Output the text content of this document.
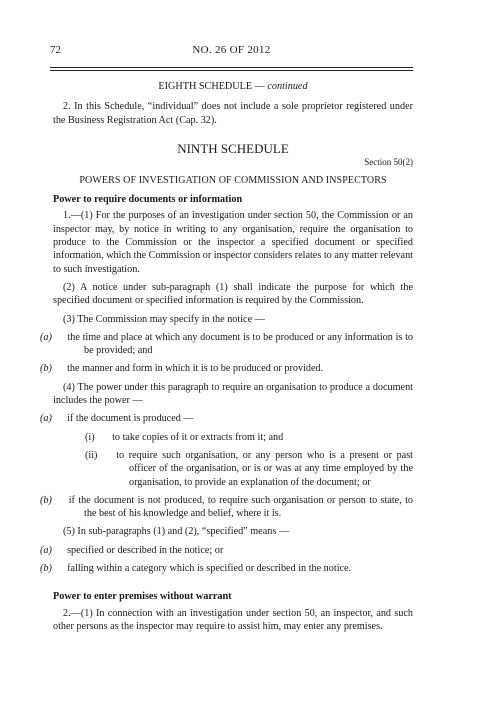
72	NO. 26 OF 2012

EIGHTH SCHEDULE — continued

2. In this Schedule, “individual” does not include a sole proprietor registered under the Business Registration Act (Cap. 32).

NINTH SCHEDULE

Section 50(2)

POWERS OF INVESTIGATION OF COMMISSION AND INSPECTORS

Power to require documents or information

1.—(1) For the purposes of an investigation under section 50, the Commission or an inspector may, by notice in writing to any organisation, require the organisation to produce to the Commission or the inspector a specified document or specified information, which the Commission or inspector considers relates to any matter relevant to such investigation.

(2) A notice under sub-paragraph (1) shall indicate the purpose for which the specified document or specified information is required by the Commission.

(3) The Commission may specify in the notice —

(a) the time and place at which any document is to be produced or any information is to be provided; and

(b) the manner and form in which it is to be produced or provided.

(4) The power under this paragraph to require an organisation to produce a document includes the power —

(a) if the document is produced —

(i) to take copies of it or extracts from it; and

(ii) to require such organisation, or any person who is a present or past officer of the organisation, or is or was at any time employed by the organisation, to provide an explanation of the document; or

(b) if the document is not produced, to require such organisation or person to state, to the best of his knowledge and belief, where it is.

(5) In sub-paragraphs (1) and (2), “specified” means —

(a) specified or described in the notice; or

(b) falling within a category which is specified or described in the notice.

Power to enter premises without warrant

2.—(1) In connection with an investigation under section 50, an inspector, and such other persons as the inspector may require to assist him, may enter any premises.
